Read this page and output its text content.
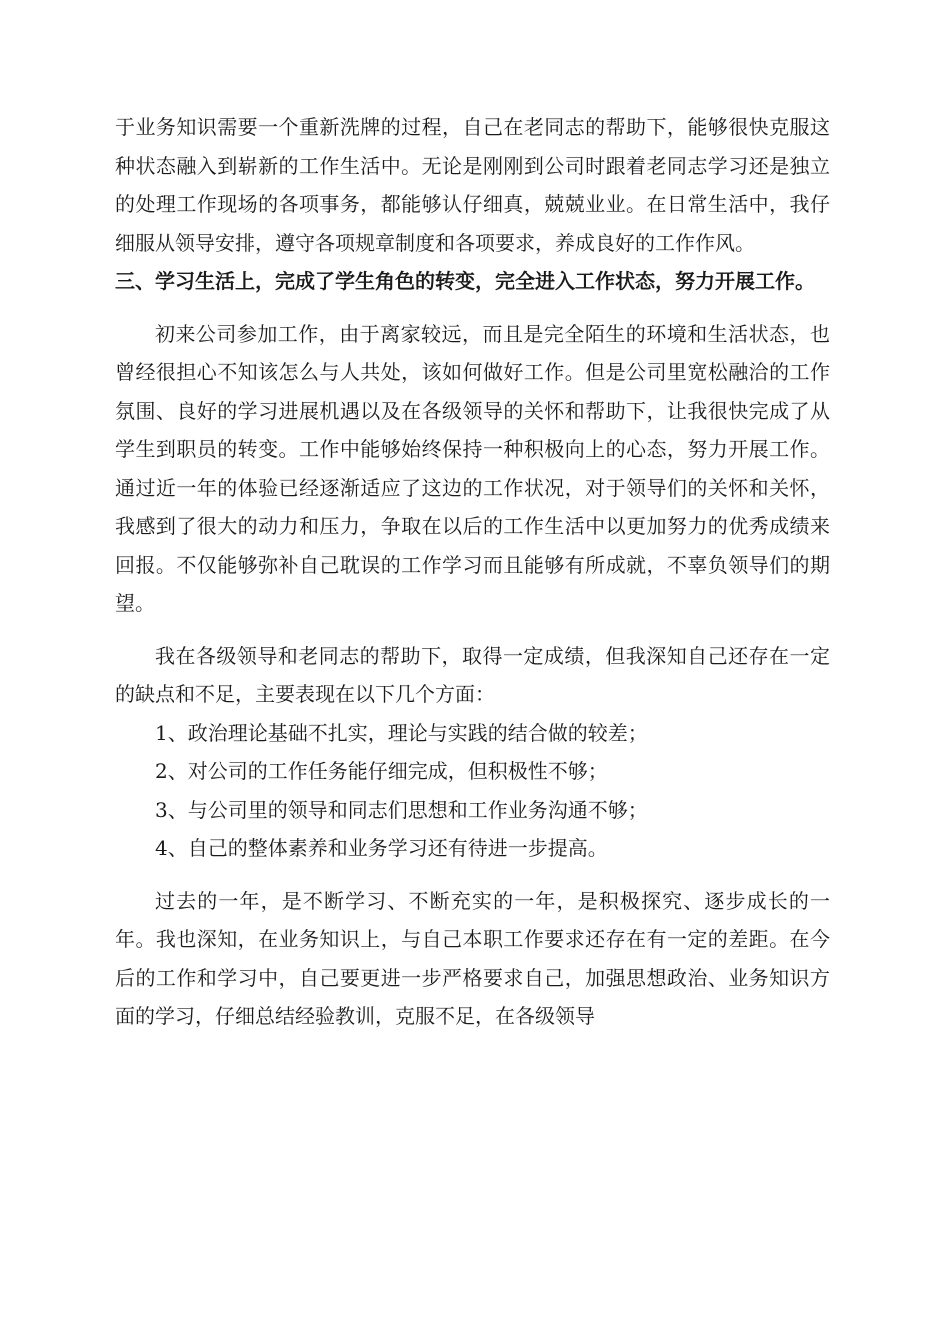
于业务知识需要一个重新洗牌的过程，自己在老同志的帮助下，能够很快克服这种状态融入到崭新的工作生活中。无论是刚刚到公司时跟着老同志学习还是独立的处理工作现场的各项事务，都能够认仔细真，兢兢业业。在日常生活中，我仔细服从领导安排，遵守各项规章制度和各项要求，养成良好的工作作风。

三、学习生活上，完成了学生角色的转变，完全进入工作状态，努力开展工作。

初来公司参加工作，由于离家较远，而且是完全陌生的环境和生活状态，也曾经很担心不知该怎么与人共处，该如何做好工作。但是公司里宽松融洽的工作氛围、良好的学习进展机遇以及在各级领导的关怀和帮助下，让我很快完成了从学生到职员的转变。工作中能够始终保持一种积极向上的心态，努力开展工作。通过近一年的体验已经逐渐适应了这边的工作状况，对于领导们的关怀和关怀，我感到了很大的动力和压力，争取在以后的工作生活中以更加努力的优秀成绩来回报。不仅能够弥补自己耽误的工作学习而且能够有所成就，不辜负领导们的期望。

我在各级领导和老同志的帮助下，取得一定成绩，但我深知自己还存在一定的缺点和不足，主要表现在以下几个方面：

1、政治理论基础不扎实，理论与实践的结合做的较差；

2、对公司的工作任务能仔细完成，但积极性不够；

3、与公司里的领导和同志们思想和工作业务沟通不够；

4、自己的整体素养和业务学习还有待进一步提高。

过去的一年，是不断学习、不断充实的一年，是积极探究、逐步成长的一年。我也深知，在业务知识上，与自己本职工作要求还存在有一定的差距。在今后的工作和学习中，自己要更进一步严格要求自己，加强思想政治、业务知识方面的学习，仔细总结经验教训，克服不足，在各级领导
